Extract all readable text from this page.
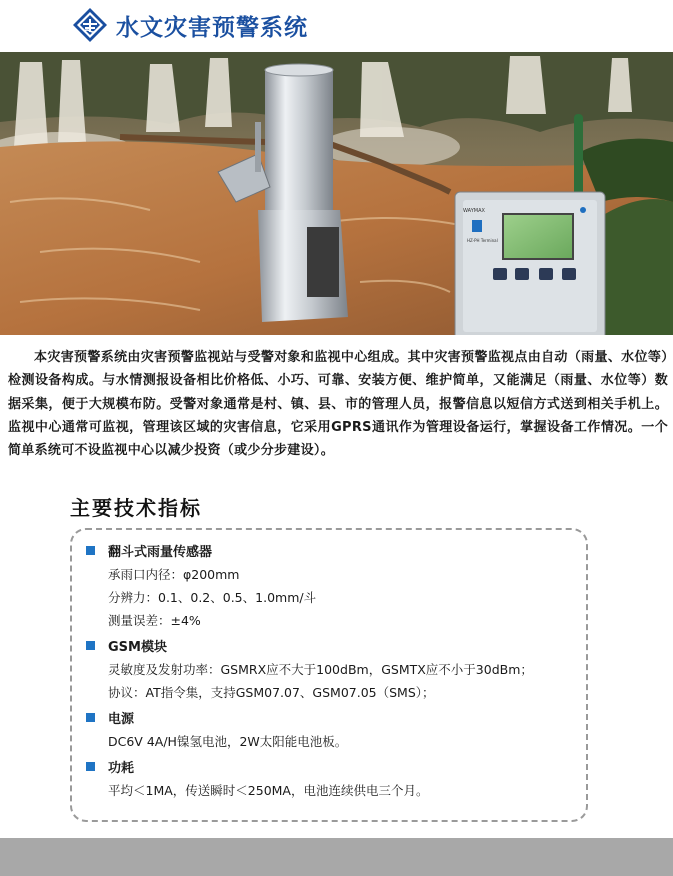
水文灾害预警系统
WAYMAX
HZ-PH Terminal

本灾害预警系统由灾害预警监视站与受警对象和监视中心组成。其中灾害预警监视点由自动（雨量、水位等）检测设备构成。与水情测报设备相比价格低、小巧、可靠、安装方便、维护简单，又能满足（雨量、水位等）数据采集，便于大规模布防。受警对象通常是村、镇、县、市的管理人员，报警信息以短信方式送到相关手机上。监视中心通常可监视，管理该区域的灾害信息，它采用GPRS通讯作为管理设备运行，掌握设备工作情况。一个简单系统可不设监视中心以减少投资（或少分步建设）。

主要技术指标
翻斗式雨量传感器
承雨口内径：φ200mm
分辨力：0.1、0.2、0.5、1.0mm/斗
测量误差：±4%
GSM模块
灵敏度及发射功率：GSMRX应不大于100dBm，GSMTX应不小于30dBm；
协议：AT指令集，支持GSM07.07、GSM07.05（SMS）；
电源
DC6V 4A/H镍氢电池，2W太阳能电池板。
功耗
平均＜1MA，传送瞬时＜250MA，电池连续供电三个月。
